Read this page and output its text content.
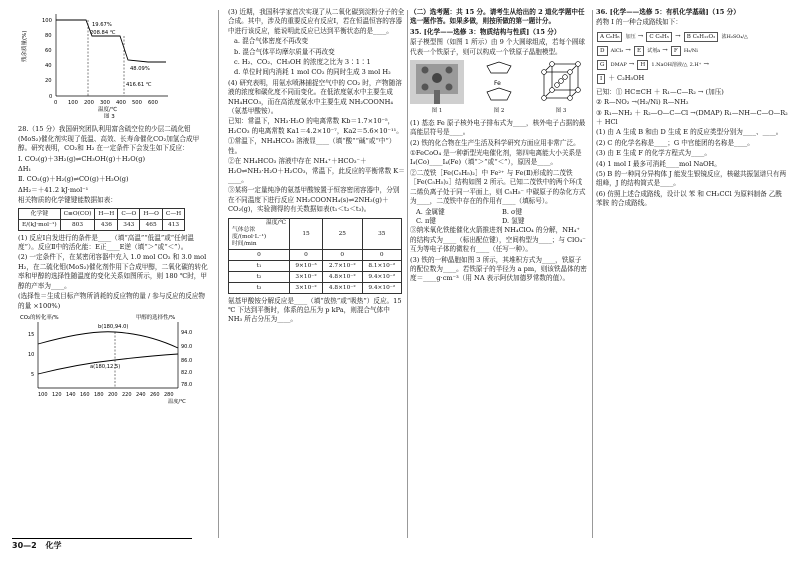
残余质量(%)
100
80
60
40
20
0
0 100 200 300 400 500 600
19.67%
208.84 ℃
48.09%
416.61 ℃
温度/℃
图 3

28.（15 分）我国研究团队利用富含硫空位的少层二硫化钼(MoS₂)催化剂实现了低温、高效、长寿命催化CO₂加氢合成甲醇。研究表明，CO₂和 H₂ 在一定条件下会发生如下反应：

Ⅰ. CO₂(g)＋3H₂(g)⇌CH₃OH(g)＋H₂O(g)

ΔH₁

Ⅱ. CO₂(g)＋H₂(g)⇌CO(g)＋H₂O(g)

ΔH₂＝＋41.2 kJ·mol⁻¹

相关物质的化学键键能数据如表：

化学键	C≡O(CO)	H—H	C—O	H—O	C—H
E/(kJ·mol⁻¹)	803	436	343	465	413

(1) 反应Ⅰ自发进行的条件是____（填“高温”“低温”或“任何温度”）。反应Ⅱ中的活化能：E正____E逆（填“＞”或“＜”）。

(2) 一定条件下，在某密闭容器中充入 1.0 mol CO₂ 和 3.0 mol H₂，在二硫化钼(MoS₂)催化剂作用下合成甲醇，二氧化碳的转化率和甲醇的选择性随温度的变化关系如图所示，则 180 ℃时，甲醇的产率为____。

(选择性＝生成目标产物所消耗的反应物的量 / 参与反应的反应物的量 ×100%)

CO₂的转化率/%	甲醇的选择性/%
15
10
5
94.0
90.0
86.0
82.0
78.0
100 120 140 160 180 200 220 240 260 280
b(180,94.0)
a(180,12.5)
温度/℃
30—2 化学

(3) 近期，我国科学家首次实现了从二氧化碳到淀粉分子的全合成。其中，涉及的重要反应有反应Ⅰ，若在恒温恒容的容器中进行该反应，能说明此反应已达到平衡状态的是____。

a. 混合气体密度不再改变

b. 混合气体平均摩尔质量不再改变

c. H₂、CO₂、CH₃OH 的浓度之比为 3∶1∶1

d. 单位时间内消耗 1 mol CO₂ 的同时生成 3 mol H₂

(4) 研究表明，用氨水喷淋捕捉空气中的 CO₂ 时，产物随溶液的浓度和碳化度不同而变化。在低浓度氨水中主要生成 NH₄HCO₃，而在高浓度氨水中主要生成 NH₂COONH₄（氨基甲酸铵）。

已知：常温下，NH₃·H₂O 的电离常数 Kb＝1.7×10⁻⁵，H₂CO₃ 的电离常数 Ka1＝4.2×10⁻⁷，Ka2＝5.6×10⁻¹¹。

①常温下，NH₄HCO₃ 溶液显____（填“酸”“碱”或“中”）性。

②在 NH₄HCO₃ 溶液中存在 NH₄⁺＋HCO₃⁻＋H₂O⇌NH₃·H₂O＋H₂CO₃，常温下，此反应的平衡常数 K＝____。

③某将一定量纯净的氨基甲酸铵置于恒容密闭容器中，分别在不同温度下进行反应 NH₂COONH₄(s)⇌2NH₃(g)＋CO₂(g)，实验测得的有关数据如表(t₁＜t₂＜t₃)。

温度/℃

气体总浓度/(mol·L⁻¹)
时间/min	15	25	35
0	0	0	0
t₁	9×10⁻³	2.7×10⁻²	8.1×10⁻²
t₂	3×10⁻²	4.8×10⁻²	9.4×10⁻²
t₃	3×10⁻²	4.8×10⁻²	9.4×10⁻²

氨基甲酸铵分解反应是____（填“放热”或“吸热”）反应。15 ℃ 下达到平衡时，体系的总压为 p kPa，则混合气体中 NH₃ 所占分压为____。

（二）选考题：共 15 分。请考生从给出的 2 道化学题中任选一题作答。如果多做，则按所做的第一题计分。

35. [化学——选修 3：物质结构与性质]（15 分）

原子模型图（如图 1 所示）由 9 个大圆球组成，若每个圆球代表一个铁原子，则可以构成一个铁原子晶胞模型。

图 1
Fe
图 2	图 3

(1) 基态 Fe 原子核外电子排布式为____，核外电子占据的最高能层符号是____。

(2) 铁的化合物在生产生活及科学研究方面应用非常广泛。

①FeCoO₄ 是一种新型光电催化剂，第四电离能大小关系是 I₄(Co)____I₄(Fe)（填“＞”或“＜”），原因是____。

②二茂铁［Fe(C₅H₅)₂］中 Fe²⁺ 与 Fe(Ⅱ)形成的二茂铁［Fe(C₅H₅)₂］结构如图 2 所示。已知二茂铁中的两个环戊二烯负离子处于同一平面上，则 C₅H₅⁻ 中碳原子的杂化方式为____，二茂铁中存在的作用有____（填标号）。

A. 金属键	B. σ键
C. π键	D. 氢键

③纳米氧化铁能催化火箭推进剂 NH₄ClO₄ 的分解，NH₄⁺ 的结构式为____（标出配位键），空间构型为____；与 ClO₄⁻ 互为等电子体的微粒有____（任写一种）。

(3) 铁的一种晶胞如图 3 所示，其堆积方式为____，铁原子的配位数为____。若铁原子的半径为 a pm，则该铁晶体的密度＝____g·cm⁻³（用 NA 表示阿伏加德罗常数的值）。

36. [化学——选修 5：有机化学基础]（15 分）

药物 I 的一种合成路线如下：

A C₆H₆ 加压 → C C₆H₅ → B C₆H₁₂O₂ 浓H₂SO₄/△
D AlCl₃ → E 试剂a → F H₂/Ni
G DMAP → H 1.NaOH溶液/△ 2.H⁺ →
I ＋ C₂H₅OH

已知：① HC≡CH ＋ R₁—C—R₂ → (加压)

② R—NO₂ →(H₂/Ni) R—NH₂

③ R₁—NH₂ ＋ R₂—O—C—Cl →(DMAP) R₁—NH—C—O—R₂ ＋ HCl

(1) 由 A 生成 B 和由 D 生成 E 的反应类型分别为____、____。

(2) C 的化学名称是____；G 中官能团的名称是____。

(3) 由 E 生成 F 的化学方程式为____。

(4) 1 mol I 最多可消耗____mol NaOH。

(5) B 的一种同分异构体 J 能发生银镜反应，核磁共振氢谱只有两组峰，J 的结构简式是____。

(6) 仿照上述合成路线，设计以 苯 和 CH₃CCl 为原料制备 乙酰苯胺 的合成路线。
